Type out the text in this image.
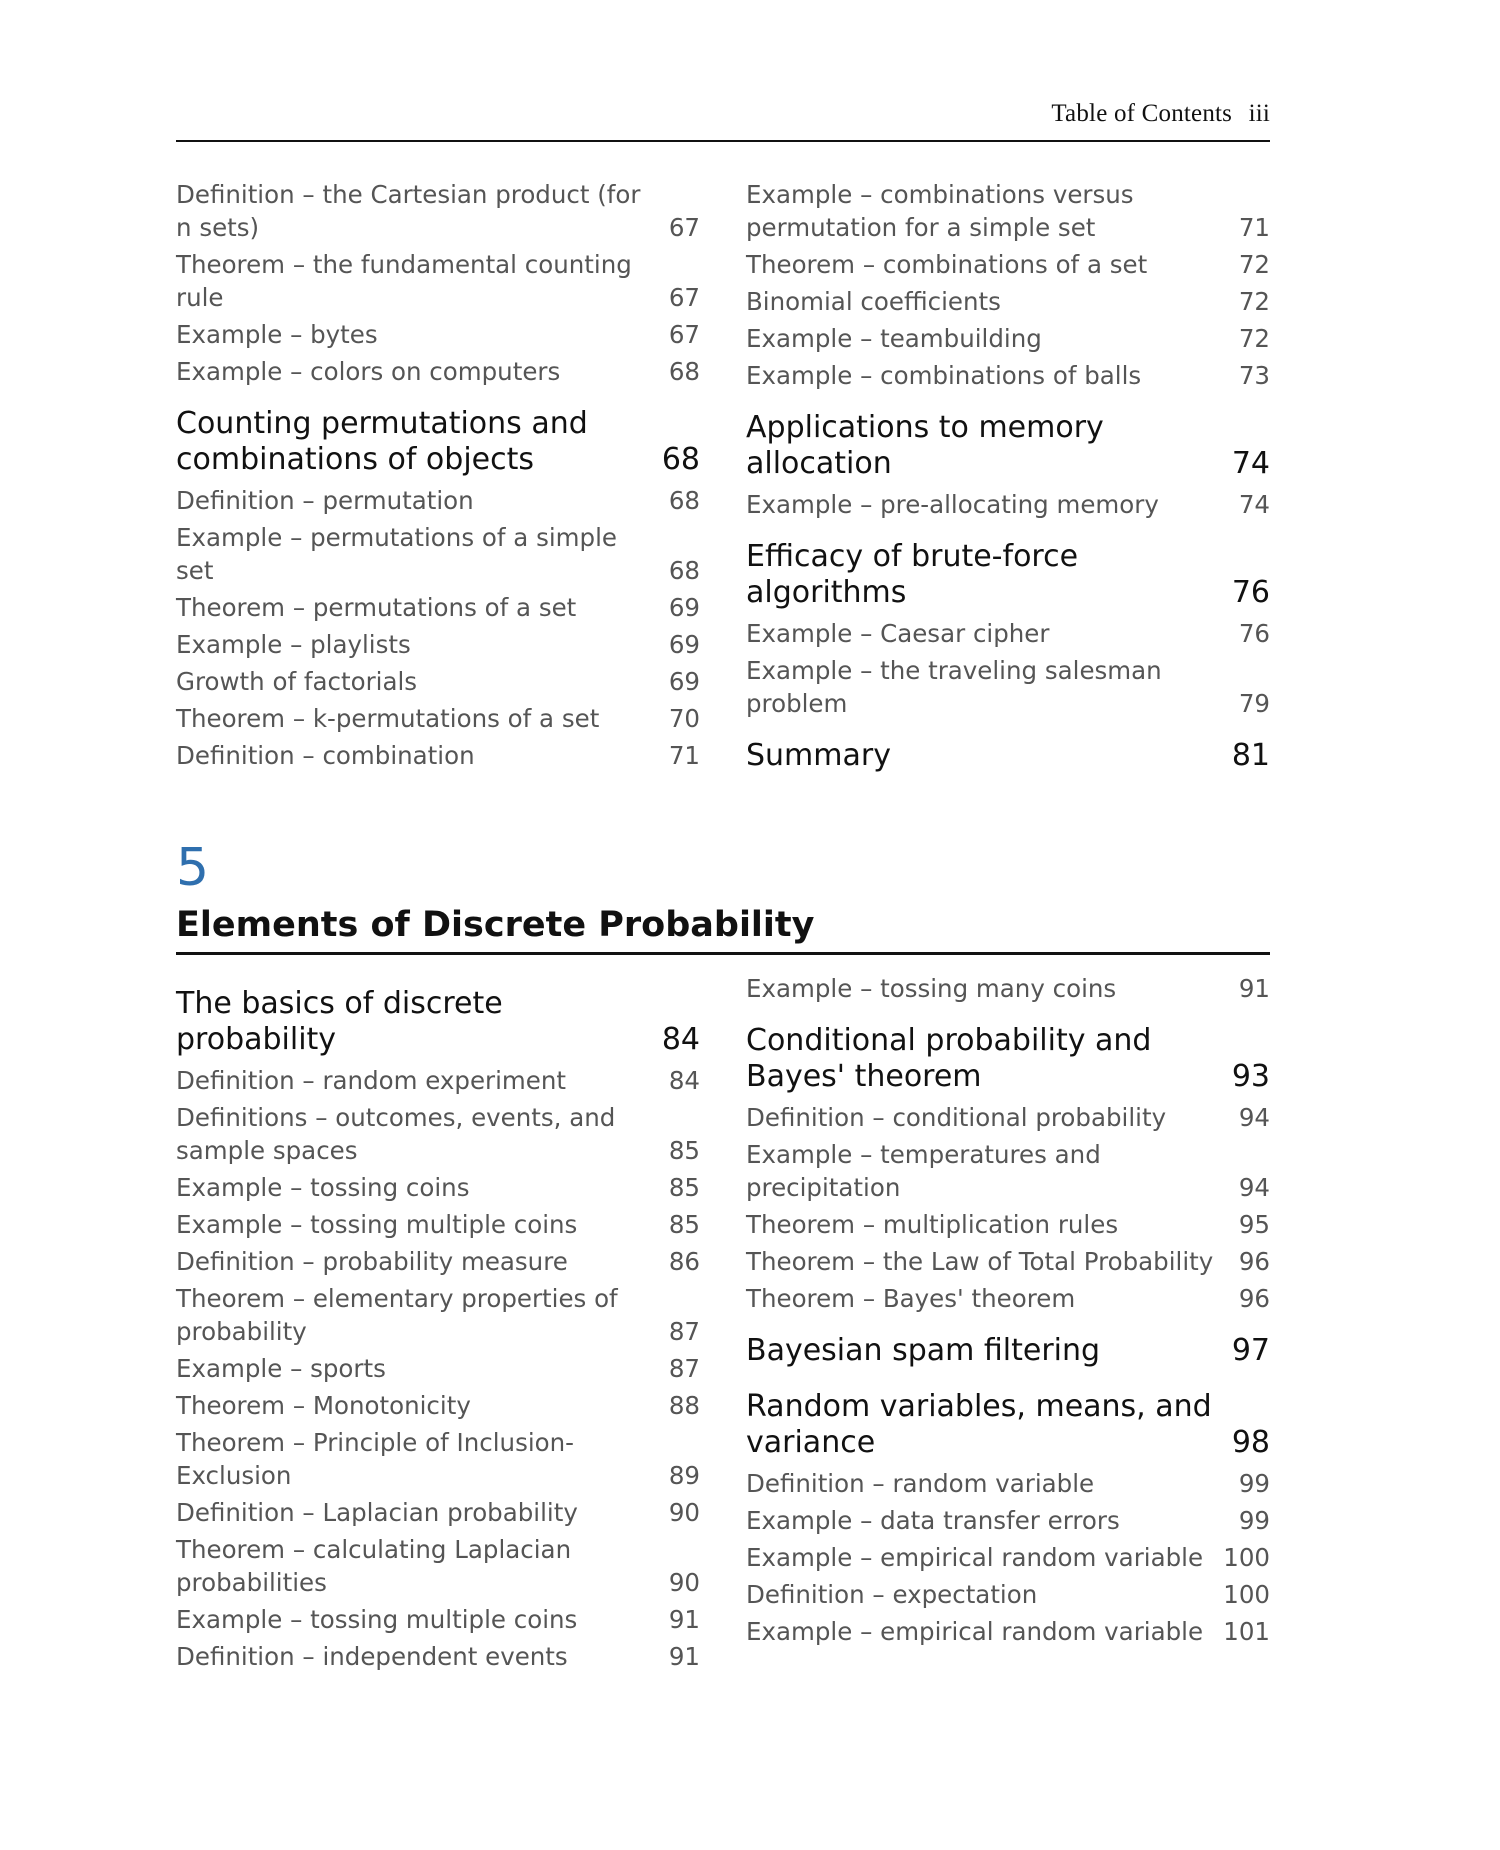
Table of Contents iii
Definition – the Cartesian product (for n sets)	67
Theorem – the fundamental counting rule	67
Example – bytes	67
Example – colors on computers	68
Counting permutations and combinations of objects	68
Definition – permutation	68
Example – permutations of a simple set	68
Theorem – permutations of a set	69
Example – playlists	69
Growth of factorials	69
Theorem – k-permutations of a set	70
Definition – combination	71
Example – combinations versus permutation for a simple set	71
Theorem – combinations of a set	72
Binomial coefficients	72
Example – teambuilding	72
Example – combinations of balls	73
Applications to memory allocation	74
Example – pre-allocating memory	74
Efficacy of brute-force algorithms	76
Example – Caesar cipher	76
Example – the traveling salesman problem	79
Summary	81
5
Elements of Discrete Probability
The basics of discrete probability	84
Definition – random experiment	84
Definitions – outcomes, events, and sample spaces	85
Example – tossing coins	85
Example – tossing multiple coins	85
Definition – probability measure	86
Theorem – elementary properties of probability	87
Example – sports	87
Theorem – Monotonicity	88
Theorem – Principle of Inclusion-Exclusion	89
Definition – Laplacian probability	90
Theorem – calculating Laplacian probabilities	90
Example – tossing multiple coins	91
Definition – independent events	91
Example – tossing many coins	91
Conditional probability and Bayes' theorem	93
Definition – conditional probability	94
Example – temperatures and precipitation	94
Theorem – multiplication rules	95
Theorem – the Law of Total Probability	96
Theorem – Bayes' theorem	96
Bayesian spam filtering	97
Random variables, means, and variance	98
Definition – random variable	99
Example – data transfer errors	99
Example – empirical random variable 100
Definition – expectation	100
Example – empirical random variable 101
